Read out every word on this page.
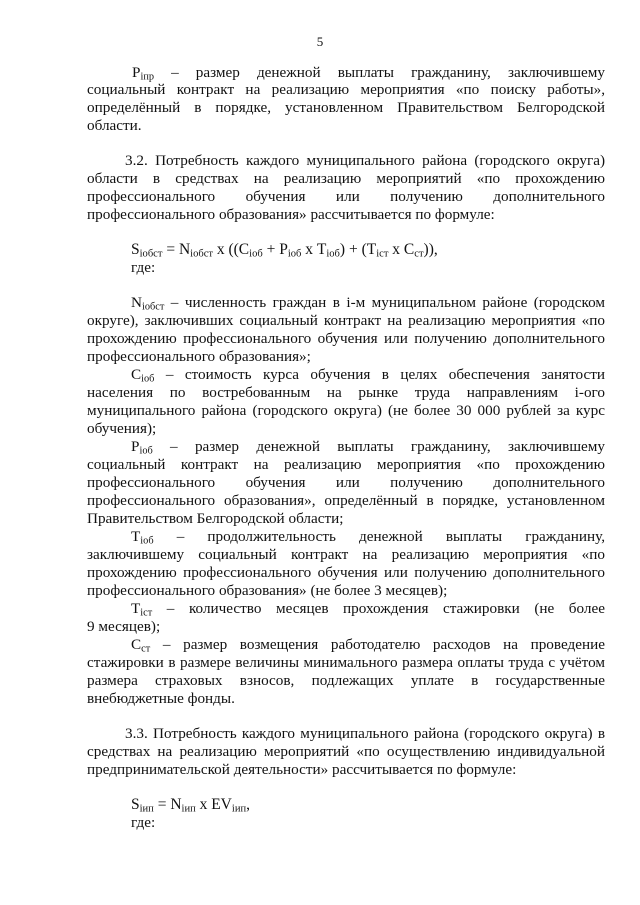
5
$Р_{iпр}$ – размер денежной выплаты гражданину, заключившему
социальный контракт на реализацию мероприятия «по поиску работы»,
определённый в порядке, установленном Правительством Белгородской
области.
3.2. Потребность каждого муниципального района (городского округа)
области в средствах на реализацию мероприятий «по прохождению
профессионального обучения или получению дополнительного
профессионального образования» рассчитывается по формуле:
$S_{iобст} = N_{iобст}$ x (($С_{iоб} + Р_{iоб}$ x $Т_{iоб}) + (Т_{iст}$ x $С_{ст}$)),
где:
$N_{iобст}$ – численность граждан в i-м муниципальном районе (городском
округе), заключивших социальный контракт на реализацию мероприятия «по
прохождению профессионального обучения или получению дополнительного
профессионального образования»;
$С_{iоб}$ – стоимость курса обучения в целях обеспечения занятости
населения по востребованным на рынке труда направлениям i-ого
муниципального района (городского округа) (не более 30 000 рублей за курс
обучения);
$Р_{iоб}$ – размер денежной выплаты гражданину, заключившему
социальный контракт на реализацию мероприятия «по прохождению
профессионального обучения или получению дополнительного
профессионального образования», определённый в порядке, установленном
Правительством Белгородской области;
$Т_{iоб}$ – продолжительность денежной выплаты гражданину,
заключившему социальный контракт на реализацию мероприятия «по
прохождению профессионального обучения или получению дополнительного
профессионального образования» (не более 3 месяцев);
$Т_{iст}$ – количество месяцев прохождения стажировки (не более
9 месяцев);
$С_{ст}$ – размер возмещения работодателю расходов на проведение
стажировки в размере величины минимального размера оплаты труда с учётом
размера страховых взносов, подлежащих уплате в государственные
внебюджетные фонды.
3.3. Потребность каждого муниципального района (городского округа) в
средствах на реализацию мероприятий «по осуществлению индивидуальной
предпринимательской деятельности» рассчитывается по формуле:
$S_{iип} = N_{iип}$ x $EV_{iип}$,
где:
